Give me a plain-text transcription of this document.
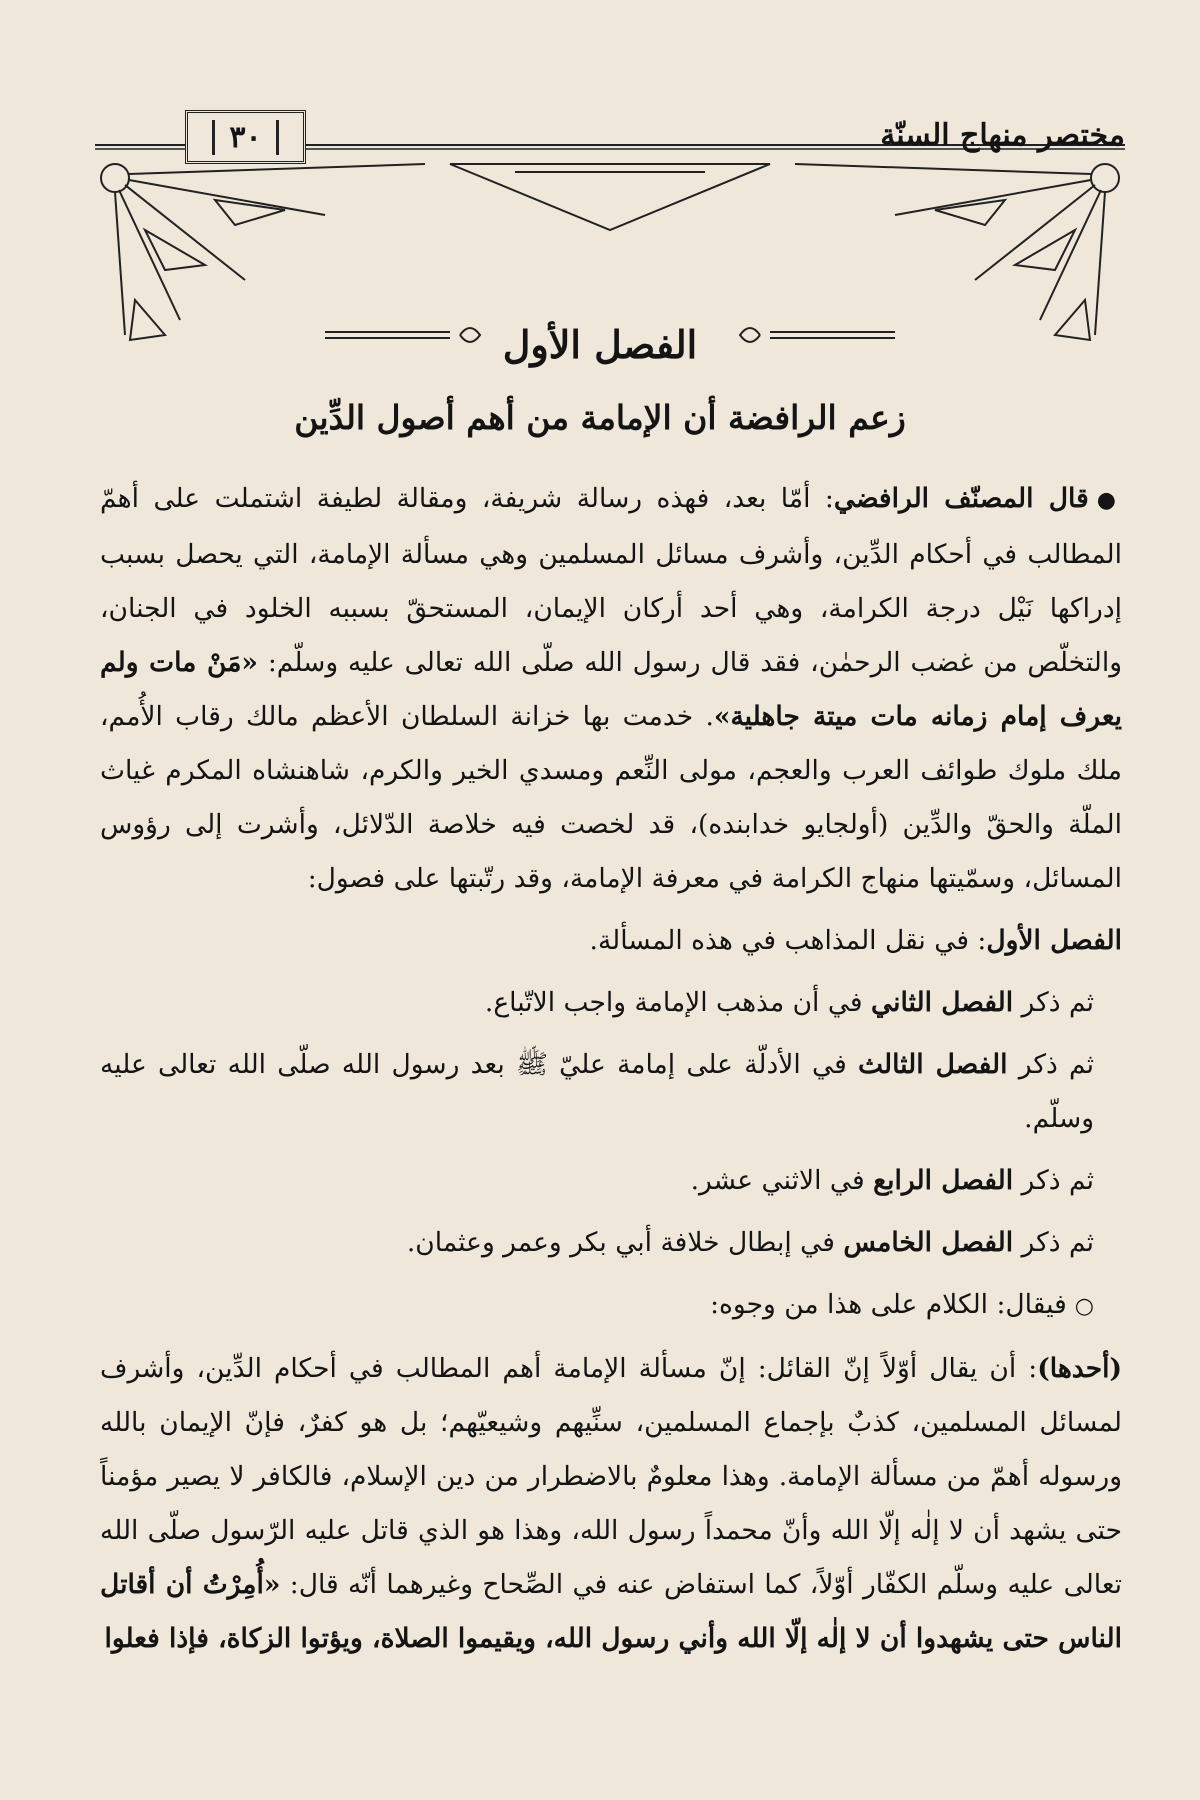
٣٠	مختصر منهاج السنّة
الفصل الأول
زعم الرافضة أن الإمامة من أهم أصول الدِّين

●قال المصنّف الرافضي: أمّا بعد، فهذه رسالة شريفة، ومقالة لطيفة اشتملت على أهمّ المطالب في أحكام الدِّين، وأشرف مسائل المسلمين وهي مسألة الإمامة، التي يحصل بسبب إدراكها نَيْل درجة الكرامة، وهي أحد أركان الإيمان، المستحقّ بسببه الخلود في الجنان، والتخلّص من غضب الرحمٰن، فقد قال رسول الله صلّى الله تعالى عليه وسلّم: «مَنْ مات ولم يعرف إمام زمانه مات ميتة جاهلية». خدمت بها خزانة السلطان الأعظم مالك رقاب الأُمم، ملك ملوك طوائف العرب والعجم، مولى النِّعم ومسدي الخير والكرم، شاهنشاه المكرم غياث الملّة والحقّ والدِّين (أولجايو خدابنده)، قد لخصت فيه خلاصة الدّلائل، وأشرت إلى رؤوس المسائل، وسمّيتها منهاج الكرامة في معرفة الإمامة، وقد رتّبتها على فصول:

الفصل الأول: في نقل المذاهب في هذه المسألة.

ثم ذكر الفصل الثاني في أن مذهب الإمامة واجب الاتّباع.

ثم ذكر الفصل الثالث في الأدلّة على إمامة عليّ ﷺ بعد رسول الله صلّى الله تعالى عليه وسلّم.

ثم ذكر الفصل الرابع في الاثني عشر.

ثم ذكر الفصل الخامس في إبطال خلافة أبي بكر وعمر وعثمان.

○فيقال: الكلام على هذا من وجوه:

(أحدها): أن يقال أوّلاً إنّ القائل: إنّ مسألة الإمامة أهم المطالب في أحكام الدِّين، وأشرف لمسائل المسلمين، كذبٌ بإجماع المسلمين، سنِّيهم وشيعيّهم؛ بل هو كفرٌ، فإنّ الإيمان بالله ورسوله أهمّ من مسألة الإمامة. وهذا معلومٌ بالاضطرار من دين الإسلام، فالكافر لا يصير مؤمناً حتى يشهد أن لا إلٰه إلّا الله وأنّ محمداً رسول الله، وهذا هو الذي قاتل عليه الرّسول صلّى الله تعالى عليه وسلّم الكفّار أوّلاً، كما استفاض عنه في الصِّحاح وغيرهما أنّه قال: «أُمِرْتُ أن أقاتل الناس حتى يشهدوا أن لا إلٰه إلّا الله وأني رسول الله، ويقيموا الصلاة، ويؤتوا الزكاة، فإذا فعلوا
